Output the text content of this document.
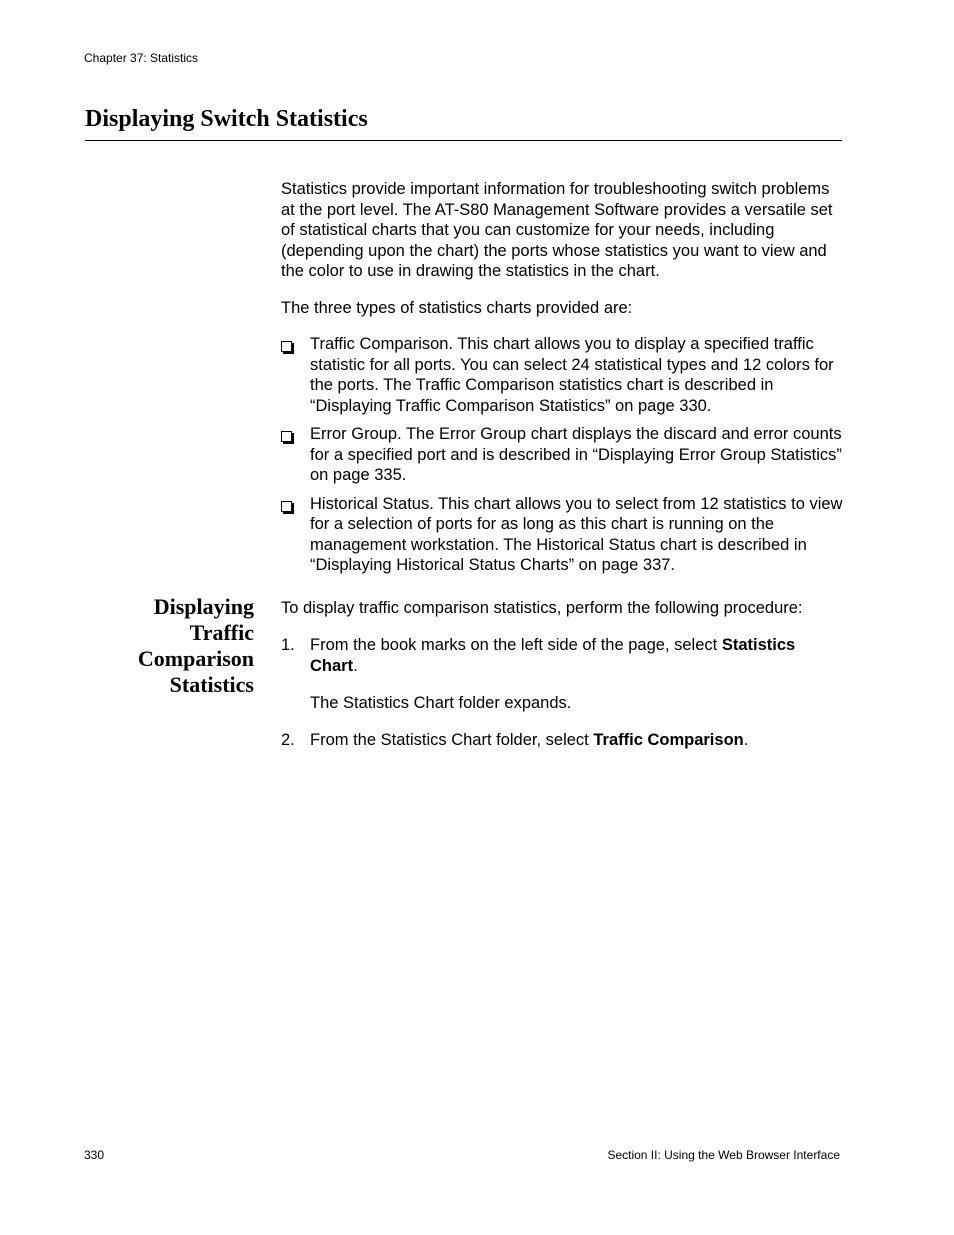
Chapter 37: Statistics
Displaying Switch Statistics

Statistics provide important information for troubleshooting switch problems at the port level. The AT-S80 Management Software provides a versatile set of statistical charts that you can customize for your needs, including (depending upon the chart) the ports whose statistics you want to view and the color to use in drawing the statistics in the chart.

The three types of statistics charts provided are:

Traffic Comparison. This chart allows you to display a specified traffic statistic for all ports. You can select 24 statistical types and 12 colors for the ports. The Traffic Comparison statistics chart is described in “Displaying Traffic Comparison Statistics” on page 330.
Error Group. The Error Group chart displays the discard and error counts for a specified port and is described in “Displaying Error Group Statistics” on page 335.
Historical Status. This chart allows you to select from 12 statistics to view for a selection of ports for as long as this chart is running on the management workstation. The Historical Status chart is described in “Displaying Historical Status Charts” on page 337.
Displaying
Traffic
Comparison
Statistics

To display traffic comparison statistics, perform the following procedure:

1. From the book marks on the left side of the page, select Statistics Chart.
The Statistics Chart folder expands.
2. From the Statistics Chart folder, select Traffic Comparison.
330	Section II: Using the Web Browser Interface
